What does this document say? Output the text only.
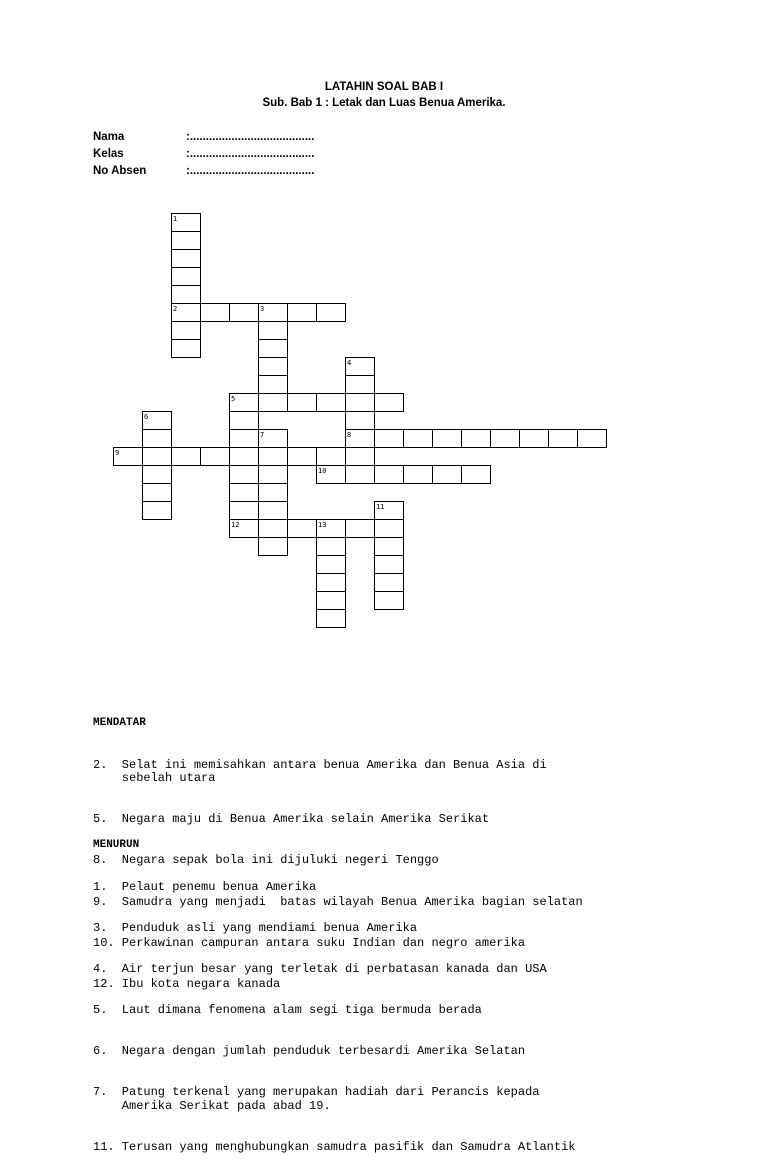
LATAHIN SOAL BAB I
Sub. Bab 1 : Letak dan Luas Benua Amerika.
Nama	:.......................................
Kelas	:.......................................
No Absen	:.......................................
1
2	3
4
5
6
7	8
9
10
11
12	13

MENDATAR

2.  Selat ini memisahkan antara benua Amerika dan Benua Asia di
sebelah utara

5.  Negara maju di Benua Amerika selain Amerika Serikat

8.  Negara sepak bola ini dijuluki negeri Tenggo

9.  Samudra yang menjadi  batas wilayah Benua Amerika bagian selatan

10. Perkawinan campuran antara suku Indian dan negro amerika

12. Ibu kota negara kanada

MENURUN

1.  Pelaut penemu benua Amerika

3.  Penduduk asli yang mendiami benua Amerika

4.  Air terjun besar yang terletak di perbatasan kanada dan USA

5.  Laut dimana fenomena alam segi tiga bermuda berada

6.  Negara dengan jumlah penduduk terbesardi Amerika Selatan

7.  Patung terkenal yang merupakan hadiah dari Perancis kepada
Amerika Serikat pada abad 19.

11. Terusan yang menghubungkan samudra pasifik dan Samudra Atlantik
